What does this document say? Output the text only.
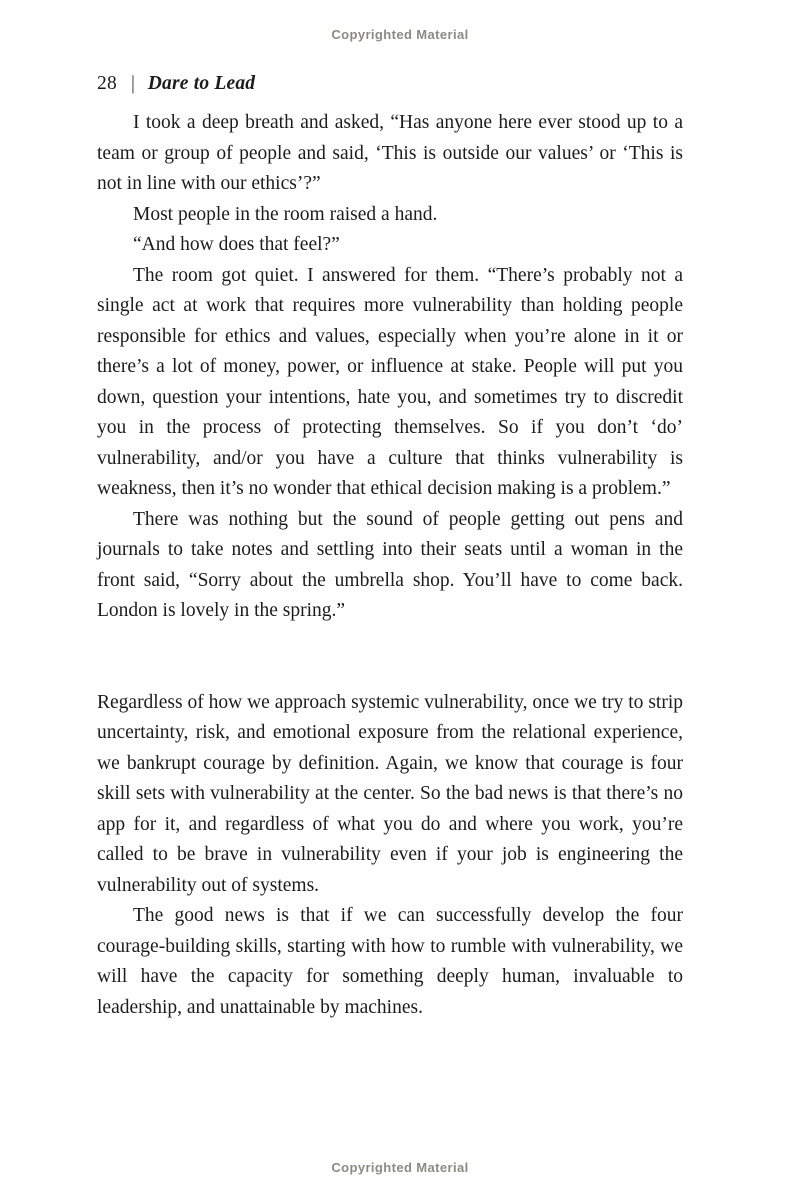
Copyrighted Material
28 | Dare to Lead

I took a deep breath and asked, “Has anyone here ever stood up to a team or group of people and said, ‘This is outside our values’ or ‘This is not in line with our ethics’?”

Most people in the room raised a hand.

“And how does that feel?”

The room got quiet. I answered for them. “There’s probably not a single act at work that requires more vulnerability than holding people responsible for ethics and values, especially when you’re alone in it or there’s a lot of money, power, or influence at stake. People will put you down, question your intentions, hate you, and sometimes try to discredit you in the process of protecting themselves. So if you don’t ‘do’ vulnerability, and/or you have a culture that thinks vulnerability is weakness, then it’s no wonder that ethical decision making is a problem.”

There was nothing but the sound of people getting out pens and journals to take notes and settling into their seats until a woman in the front said, “Sorry about the umbrella shop. You’ll have to come back. London is lovely in the spring.”

Regardless of how we approach systemic vulnerability, once we try to strip uncertainty, risk, and emotional exposure from the relational experience, we bankrupt courage by definition. Again, we know that courage is four skill sets with vulnerability at the center. So the bad news is that there’s no app for it, and regardless of what you do and where you work, you’re called to be brave in vulnerability even if your job is engineering the vulnerability out of systems.

The good news is that if we can successfully develop the four courage-building skills, starting with how to rumble with vulnerability, we will have the capacity for something deeply human, invaluable to leadership, and unattainable by machines.

Copyrighted Material
